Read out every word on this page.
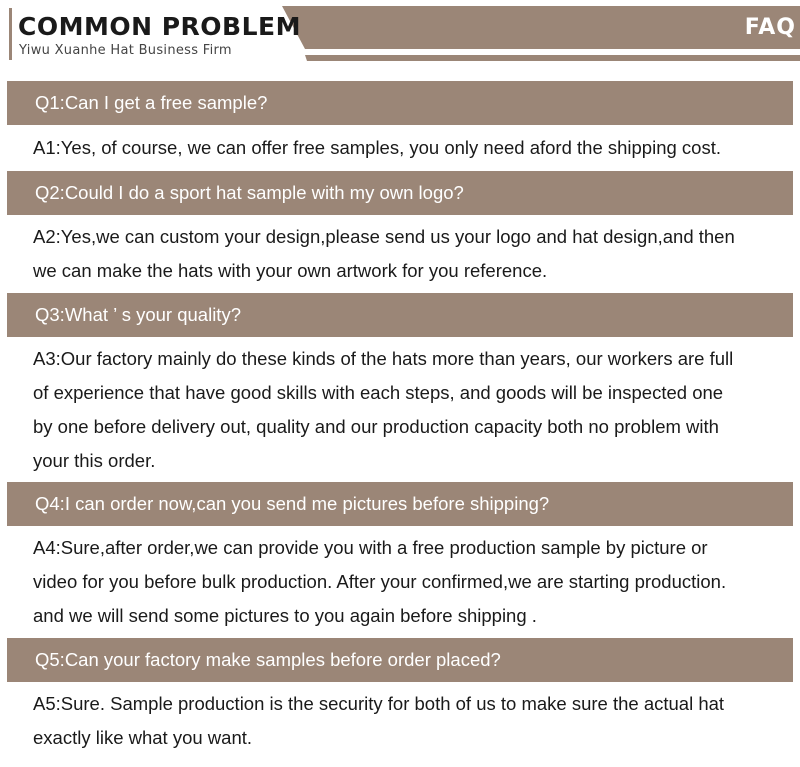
COMMON PROBLEM
Yiwu Xuanhe Hat Business Firm
FAQ
Q1:Can I get a free sample?
A1:Yes, of course, we can offer free samples, you only need aford the shipping cost.
Q2:Could I do a sport hat sample with my own logo?
A2:Yes,we can custom your design,please send us your logo and hat design,and then
we can make the hats with your own artwork for you reference.
Q3:What ’ s your quality?
A3:Our factory mainly do these kinds of the hats more than years, our workers are full
of experience that have good skills with each steps, and goods will be inspected one
by one before delivery out, quality and our production capacity both no problem with
your this order.
Q4:I can order now,can you send me pictures before shipping?
A4:Sure,after order,we can provide you with a free production sample by picture or
video for you before bulk production. After your confirmed,we are starting production.
and we will send some pictures to you again before shipping .
Q5:Can your factory make samples before order placed?
A5:Sure. Sample production is the security for both of us to make sure the actual hat
exactly like what you want.
